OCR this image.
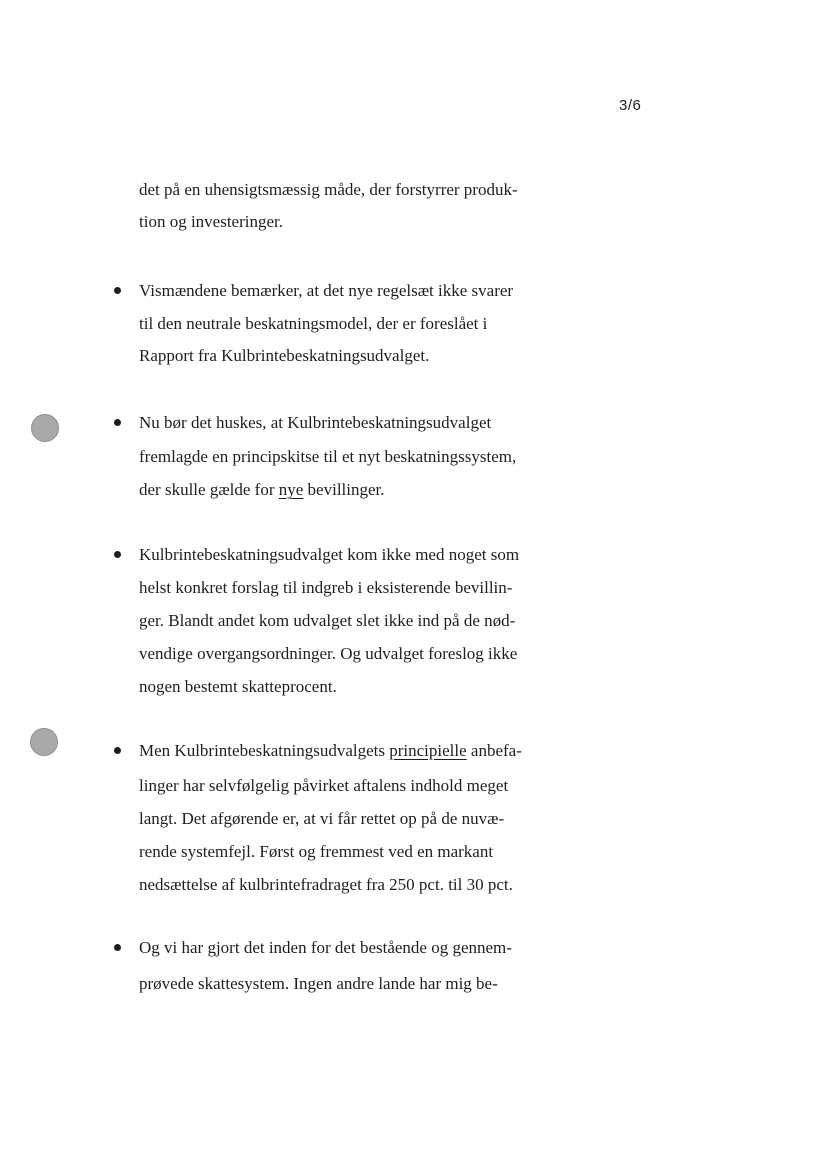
3/6
det på en uhensigtsmæssig måde, der forstyrrer produk-
tion og investeringer.
Vismændene bemærker, at det nye regelsæt ikke svarer
til den neutrale beskatningsmodel, der er foreslået i
Rapport fra Kulbrintebeskatningsudvalget.
Nu bør det huskes, at Kulbrintebeskatningsudvalget
fremlagde en principskitse til et nyt beskatningssystem,
der skulle gælde for nye bevillinger.
Kulbrintebeskatningsudvalget kom ikke med noget som
helst konkret forslag til indgreb i eksisterende bevillin-
ger. Blandt andet kom udvalget slet ikke ind på de nød-
vendige overgangsordninger. Og udvalget foreslog ikke
nogen bestemt skatteprocent.
Men Kulbrintebeskatningsudvalgets principielle anbefa-
linger har selvfølgelig påvirket aftalens indhold meget
langt. Det afgørende er, at vi får rettet op på de nuvæ-
rende systemfejl. Først og fremmest ved en markant
nedsættelse af kulbrintefradraget fra 250 pct. til 30 pct.
Og vi har gjort det inden for det bestående og gennem-
prøvede skattesystem. Ingen andre lande har mig be-
